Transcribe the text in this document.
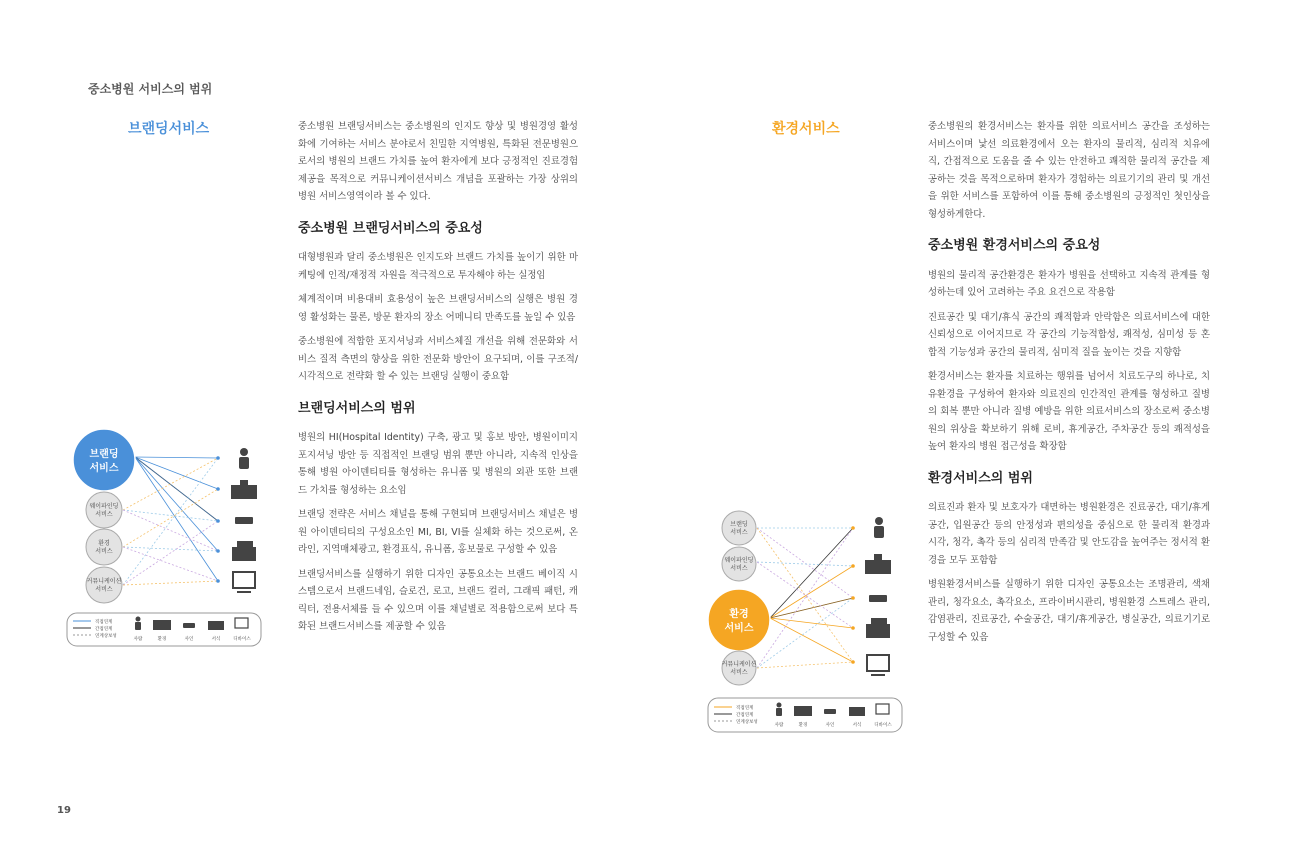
중소병원 서비스의 범위
브랜딩서비스	중소병원 브랜딩서비스는 중소병원의 인지도 향상 및 병원경영 활성화에 기여하는 서비스 분야로서 친밀한 지역병원, 특화된 전문병원으로서의 병원의 브랜드 가치를 높여 환자에게 보다 긍정적인 진료경험 제공을 목적으로 커뮤니케이션서비스 개념을 포괄하는 가장 상위의 병원 서비스영역이라 볼 수 있다.

중소병원 브랜딩서비스의 중요성

대형병원과 달리 중소병원은 인지도와 브랜드 가치를 높이기 위한 마케팅에 인적/재정적 자원을 적극적으로 투자해야 하는 실정임

체계적이며 비용대비 효용성이 높은 브랜딩서비스의 실행은 병원 경영 활성화는 물론, 방문 환자의 장소 어메니티 만족도를 높일 수 있음

중소병원에 적합한 포지셔닝과 서비스체질 개선을 위해 전문화와 서비스 질적 측면의 향상을 위한 전문화 방안이 요구되며, 이를 구조적/시각적으로 전략화 할 수 있는 브랜딩 실행이 중요함

브랜딩서비스의 범위

병원의 HI(Hospital Identity) 구축, 광고 및 홍보 방안, 병원이미지 포지셔닝 방안 등 직접적인 브랜딩 범위 뿐만 아니라, 지속적 인상을 통해 병원 아이덴티티를 형성하는 유니폼 및 병원의 외관 또한 브랜드 가치를 형성하는 요소임

브랜딩 전략은 서비스 채널을 통해 구현되며 브랜딩서비스 채널은 병원 아이덴티티의 구성요소인 MI, BI, VI를 실체화 하는 것으로써, 온라인, 지역매체광고, 환경표식, 유니폼, 홍보물로 구성할 수 있음

브랜딩서비스를 실행하기 위한 디자인 공통요소는 브랜드 베이직 시스템으로서 브랜드네임, 슬로건, 로고, 브랜드 컬러, 그래픽 패턴, 캐릭터, 전용서체를 들 수 있으며 이를 채널별로 적용함으로써 보다 특화된 브랜드서비스를 제공할 수 있음

브랜딩
서비스
웨이파인딩
서비스
환경
서비스
커뮤니케이션
서비스
직접연계
간접연계
연계상보성
사람	환경	사인	서식	디바이스
환경서비스	중소병원의 환경서비스는 환자를 위한 의료서비스 공간을 조성하는 서비스이며 낯선 의료환경에서 오는 환자의 물리적, 심리적 치유에 직, 간접적으로 도움을 줄 수 있는 안전하고 쾌적한 물리적 공간을 제공하는 것을 목적으로하며 환자가 경험하는 의료기기의 관리 및 개선을 위한 서비스를 포함하여 이를 통해 중소병원의 긍정적인 첫인상을 형성하게한다.

중소병원 환경서비스의 중요성

병원의 물리적 공간환경은 환자가 병원을 선택하고 지속적 관계를 형성하는데 있어 고려하는 주요 요건으로 작용함

진료공간 및 대기/휴식 공간의 쾌적함과 안락함은 의료서비스에 대한 신뢰성으로 이어지므로 각 공간의 기능적합성, 쾌적성, 심미성 등 혼합적 기능성과 공간의 물리적, 심미적 질을 높이는 것을 지향함

환경서비스는 환자를 치료하는 행위를 넘어서 치료도구의 하나로, 치유환경을 구성하여 환자와 의료진의 인간적인 관계를 형성하고 질병의 회복 뿐만 아니라 질병 예방을 위한 의료서비스의 장소로써 중소병원의 위상을 확보하기 위해 로비, 휴게공간, 주차공간 등의 쾌적성을 높여 환자의 병원 접근성을 확장함

환경서비스의 범위

의료진과 환자 및 보호자가 대면하는 병원환경은 진료공간, 대기/휴게공간, 입원공간 등의 안정성과 편의성을 중심으로 한 물리적 환경과 시각, 청각, 촉각 등의 심리적 만족감 및 안도감을 높여주는 정서적 환경을 모두 포함함

병원환경서비스를 실행하기 위한 디자인 공통요소는 조명관리, 색채관리, 청각요소, 촉각요소, 프라이버시관리, 병원환경 스트레스 관리, 감염관리, 진료공간, 수술공간, 대기/휴게공간, 병실공간, 의료기기로 구성할 수 있음

브랜딩
서비스
웨이파인딩
서비스
환경
서비스
커뮤니케이션
서비스
직접연계
간접연계
연계상보성
사람	환경	사인	서식	디바이스
19
